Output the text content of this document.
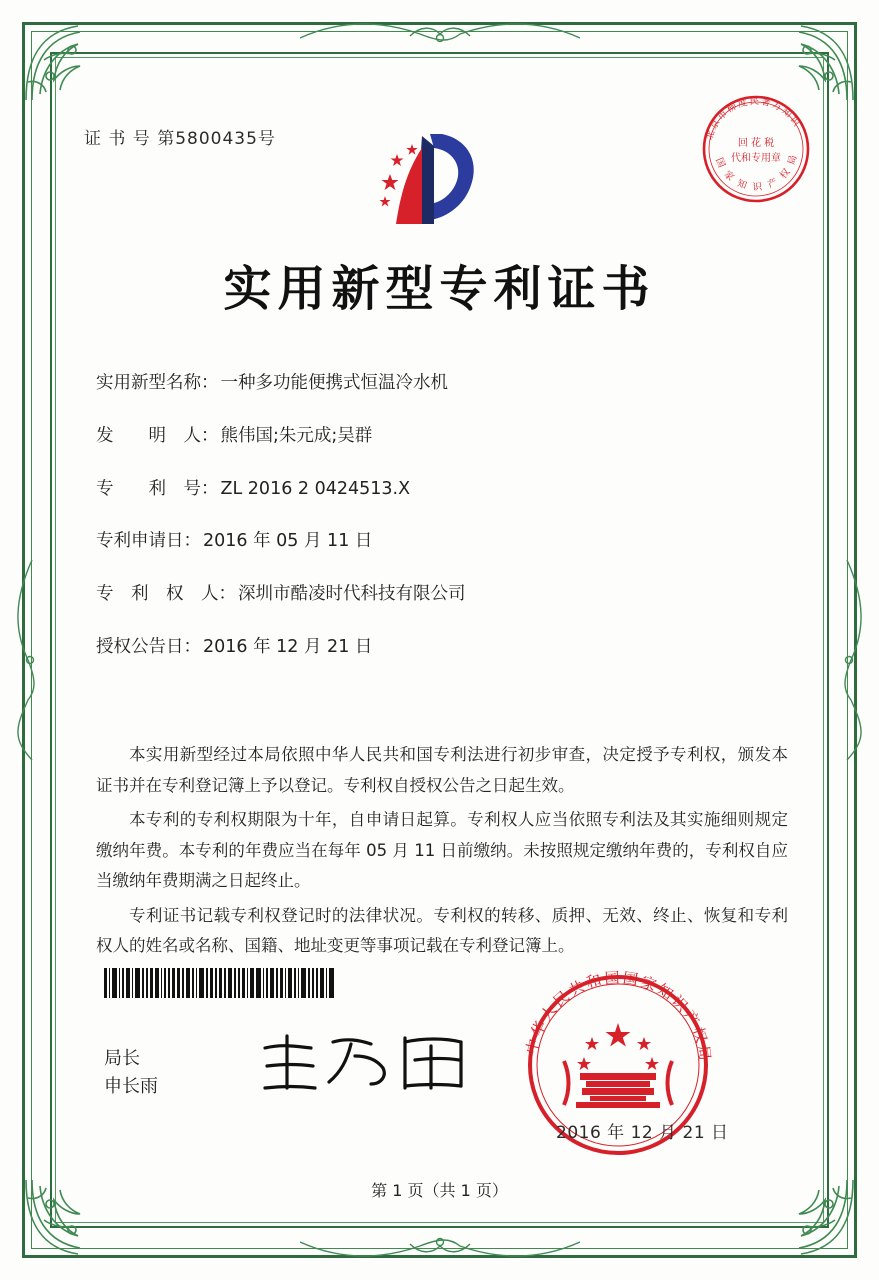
证 书 号 第5800435号	北京市柳度民著方知识
国 家 知 识 产 权 局
回 花 税
代和专用章
实用新型专利证书
实用新型名称： 一种多功能便携式恒温冷水机
发　　明　人： 熊伟国;朱元成;吴群
专　　利　号： ZL 2016 2 0424513.X
专利申请日： 2016 年 05 月 11 日
专　利　权　人： 深圳市酷凌时代科技有限公司
授权公告日： 2016 年 12 月 21 日

本实用新型经过本局依照中华人民共和国专利法进行初步审查，决定授予专利权，颁发本证书并在专利登记簿上予以登记。专利权自授权公告之日起生效。

本专利的专利权期限为十年，自申请日起算。专利权人应当依照专利法及其实施细则规定缴纳年费。本专利的年费应当在每年 05 月 11 日前缴纳。未按照规定缴纳年费的，专利权自应当缴纳年费期满之日起终止。

专利证书记载专利权登记时的法律状况。专利权的转移、质押、无效、终止、恢复和专利权人的姓名或名称、国籍、地址变更等事项记载在专利登记簿上。

局长
申长雨
中华人民共和国国家知识产权局
2016 年 12 月 21 日
第 1 页（共 1 页）
